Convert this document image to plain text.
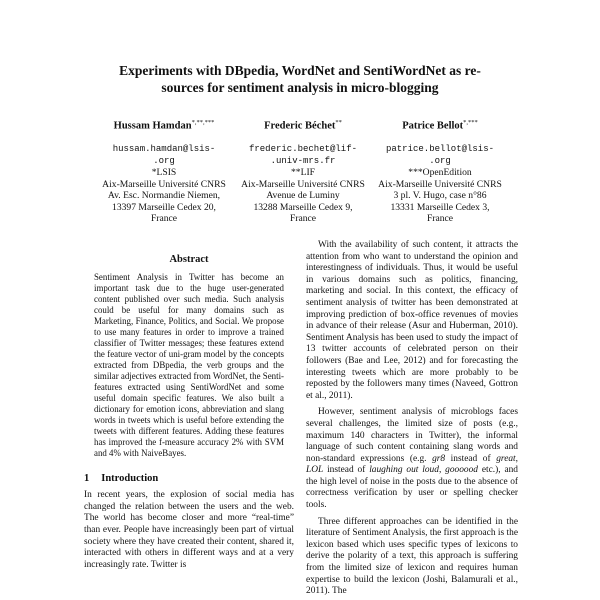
Experiments with DBpedia, WordNet and SentiWordNet as re-
sources for sentiment analysis in micro-blogging
Hussam Hamdan*,**,***
hussam.hamdan@lsis-
.org
*LSIS
Aix-Marseille Université CNRS
Av. Esc. Normandie Niemen,
13397 Marseille Cedex 20,
France
Frederic Béchet**
frederic.bechet@lif-
.univ-mrs.fr
**LIF
Aix-Marseille Université CNRS
Avenue de Luminy
13288 Marseille Cedex 9,
France
Patrice Bellot*,***
patrice.bellot@lsis-
.org
***OpenEdition
Aix-Marseille Université CNRS
3 pl. V. Hugo, case n°86
13331 Marseille Cedex 3,
France
Abstract

Sentiment Analysis in Twitter has become an important task due to the huge user-generated content published over such media. Such analysis could be useful for many domains such as Marketing, Finance, Politics, and Social. We propose to use many features in order to improve a trained classifier of Twitter messages; these features extend the feature vector of uni-gram model by the concepts extracted from DBpedia, the verb groups and the similar adjectives extracted from WordNet, the Senti-features extracted using SentiWordNet and some useful domain specific features. We also built a dictionary for emotion icons, abbreviation and slang words in tweets which is useful before extending the tweets with different features. Adding these features has improved the f-measure accuracy 2% with SVM and 4% with NaiveBayes.

1 Introduction

In recent years, the explosion of social media has changed the relation between the users and the web. The world has become closer and more “real-time” than ever. People have increasingly been part of virtual society where they have created their content, shared it, interacted with others in different ways and at a very increasingly rate. Twitter is

With the availability of such content, it attracts the attention from who want to understand the opinion and interestingness of individuals. Thus, it would be useful in various domains such as politics, financing, marketing and social. In this context, the efficacy of sentiment analysis of twitter has been demonstrated at improving prediction of box-office revenues of movies in advance of their release (Asur and Huberman, 2010). Sentiment Analysis has been used to study the impact of 13 twitter accounts of celebrated person on their followers (Bae and Lee, 2012) and for forecasting the interesting tweets which are more probably to be reposted by the followers many times (Naveed, Gottron et al., 2011).

However, sentiment analysis of microblogs faces several challenges, the limited size of posts (e.g., maximum 140 characters in Twitter), the informal language of such content containing slang words and non-standard expressions (e.g. gr8 instead of great, LOL instead of laughing out loud, goooood etc.), and the high level of noise in the posts due to the absence of correctness verification by user or spelling checker tools.

Three different approaches can be identified in the literature of Sentiment Analysis, the first approach is the lexicon based which uses specific types of lexicons to derive the polarity of a text, this approach is suffering from the limited size of lexicon and requires human expertise to build the lexicon (Joshi, Balamurali et al., 2011). The
